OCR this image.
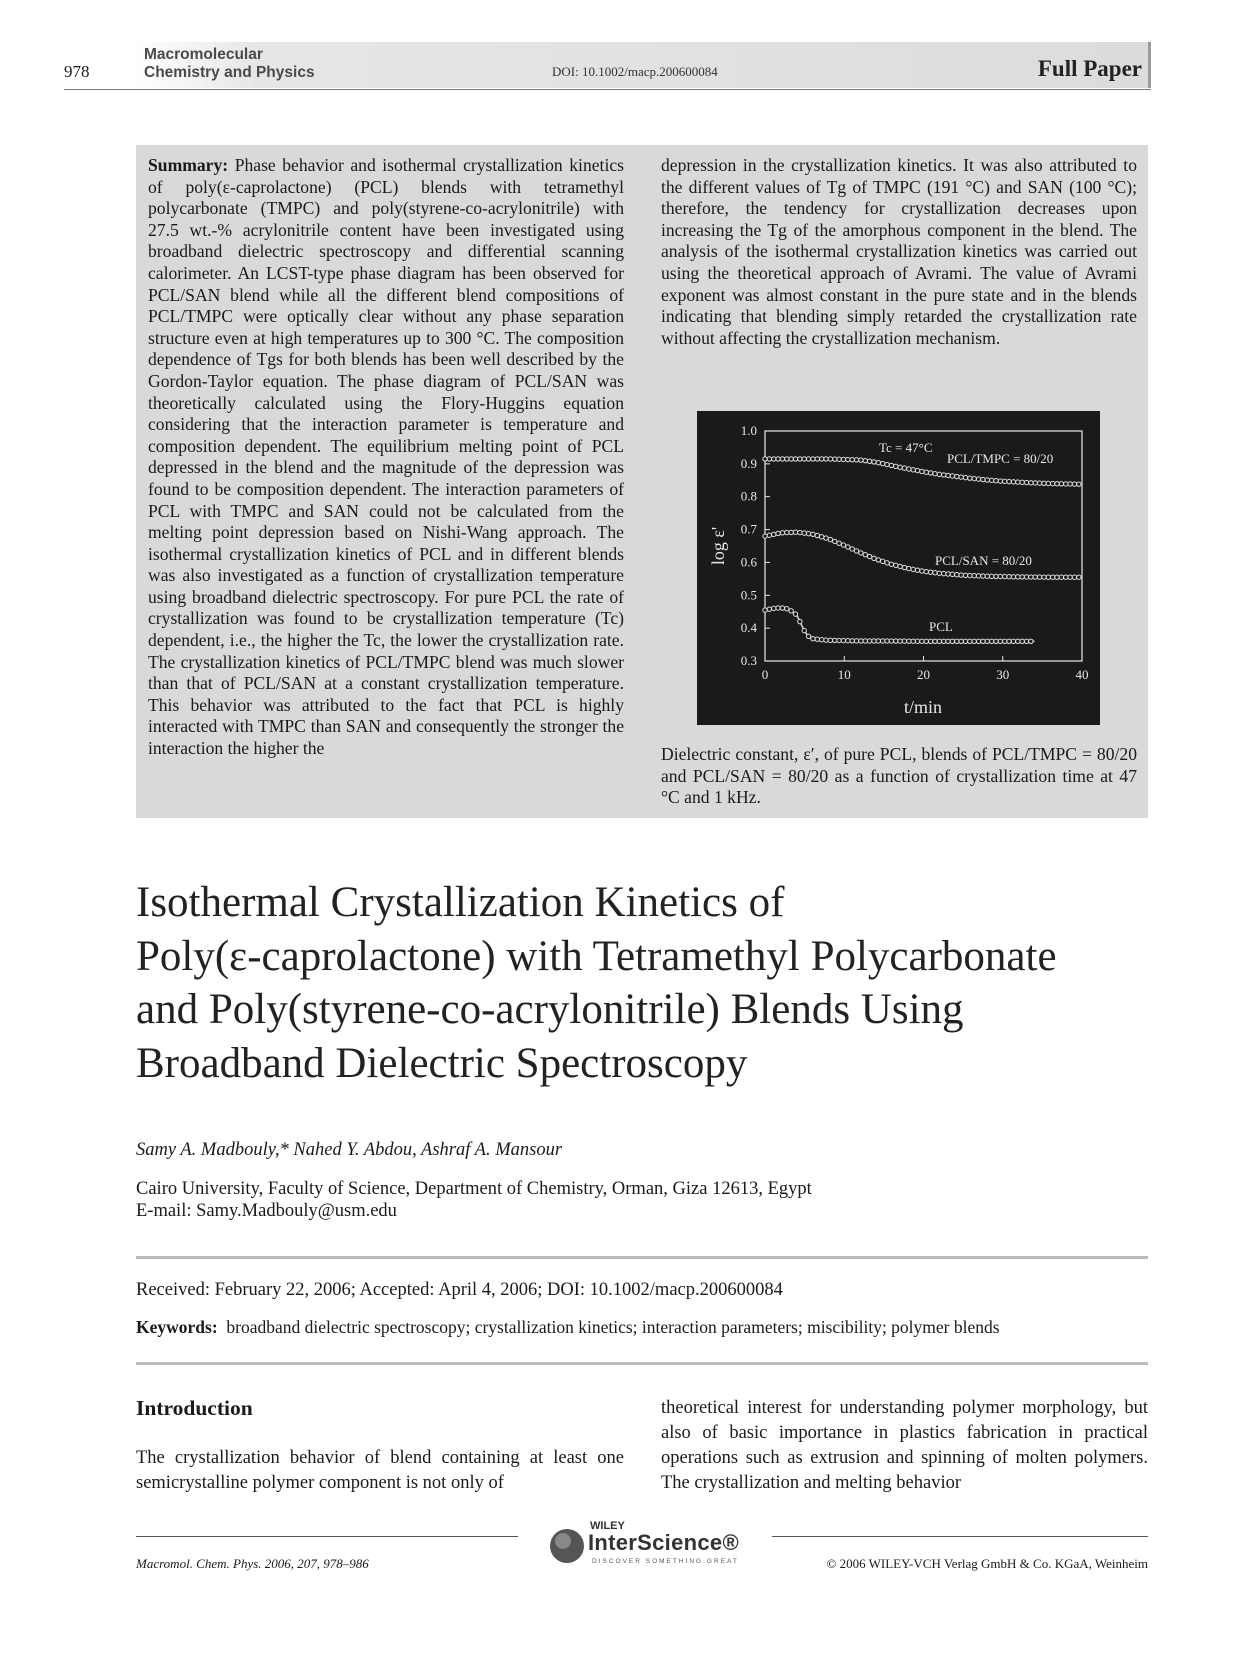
978
Macromolecular
Chemistry and Physics	DOI: 10.1002/macp.200600084	Full Paper
Summary: Phase behavior and isothermal crystallization kinetics of poly(ε-caprolactone) (PCL) blends with tetramethyl polycarbonate (TMPC) and poly(styrene-co-acrylonitrile) with 27.5 wt.-% acrylonitrile content have been investigated using broadband dielectric spectroscopy and differential scanning calorimeter. An LCST-type phase diagram has been observed for PCL/SAN blend while all the different blend compositions of PCL/TMPC were optically clear without any phase separation structure even at high temperatures up to 300 °C. The composition dependence of Tgs for both blends has been well described by the Gordon-Taylor equation. The phase diagram of PCL/SAN was theoretically calculated using the Flory-Huggins equation considering that the interaction parameter is temperature and composition dependent. The equilibrium melting point of PCL depressed in the blend and the magnitude of the depression was found to be composition dependent. The interaction parameters of PCL with TMPC and SAN could not be calculated from the melting point depression based on Nishi-Wang approach. The isothermal crystallization kinetics of PCL and in different blends was also investigated as a function of crystallization temperature using broadband dielectric spectroscopy. For pure PCL the rate of crystallization was found to be crystallization temperature (Tc) dependent, i.e., the higher the Tc, the lower the crystallization rate. The crystallization kinetics of PCL/TMPC blend was much slower than that of PCL/SAN at a constant crystallization temperature. This behavior was attributed to the fact that PCL is highly interacted with TMPC than SAN and consequently the stronger the interaction the higher the
depression in the crystallization kinetics. It was also attributed to the different values of Tg of TMPC (191 °C) and SAN (100 °C); therefore, the tendency for crystallization decreases upon increasing the Tg of the amorphous component in the blend. The analysis of the isothermal crystallization kinetics was carried out using the theoretical approach of Avrami. The value of Avrami exponent was almost constant in the pure state and in the blends indicating that blending simply retarded the crystallization rate without affecting the crystallization mechanism.
0	10	20	30	40
1.0
0.9
0.8
0.7
0.6
0.5
0.4
0.3
Tc = 47°C
PCL/TMPC = 80/20
PCL/SAN = 80/20
PCL
t/min
log ε'
Dielectric constant, ε′, of pure PCL, blends of PCL/TMPC = 80/20 and PCL/SAN = 80/20 as a function of crystallization time at 47 °C and 1 kHz.
Isothermal Crystallization Kinetics of
Poly(ε-caprolactone) with Tetramethyl Polycarbonate
and Poly(styrene-co-acrylonitrile) Blends Using
Broadband Dielectric Spectroscopy
Samy A. Madbouly,* Nahed Y. Abdou, Ashraf A. Mansour
Cairo University, Faculty of Science, Department of Chemistry, Orman, Giza 12613, Egypt
E-mail: Samy.Madbouly@usm.edu
Received: February 22, 2006; Accepted: April 4, 2006; DOI: 10.1002/macp.200600084
Keywords: broadband dielectric spectroscopy; crystallization kinetics; interaction parameters; miscibility; polymer blends
Introduction
The crystallization behavior of blend containing at least one semicrystalline polymer component is not only of
theoretical interest for understanding polymer morphology, but also of basic importance in plastics fabrication in practical operations such as extrusion and spinning of molten polymers. The crystallization and melting behavior
Macromol. Chem. Phys. 2006, 207, 978–986
WILEY
InterScience®
DISCOVER SOMETHING GREAT	© 2006 WILEY-VCH Verlag GmbH & Co. KGaA, Weinheim
